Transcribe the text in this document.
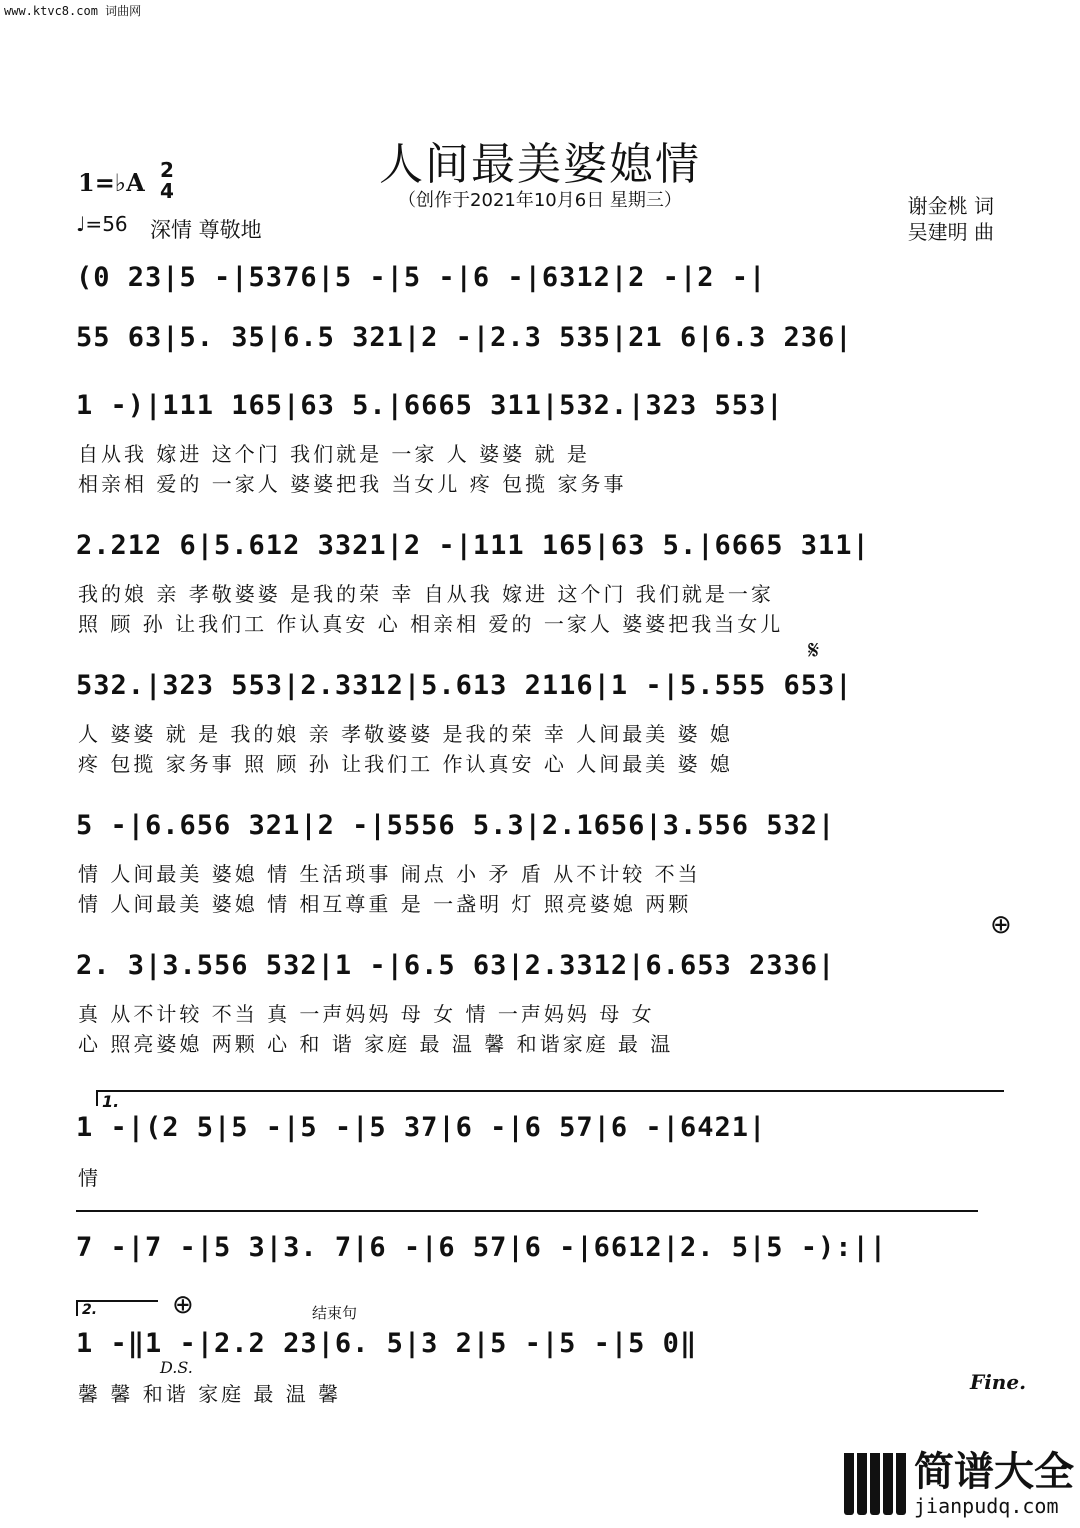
www.ktvc8.com 词曲网
人间最美婆媳情
（创作于2021年10月6日 星期三）
1=♭A 2
4
♩=56 深情 尊敬地
谢金桃 词
吴建明 曲
(0 23|5 -|5376|5 -|5 -|6 -|6312|2 -|2 -|
55 63|5. 35|6.5 321|2 -|2.3 535|21 6|6.3 236|
1 -)|111 165|63 5.|6665 311|532.|323 553|
自从我 嫁进 这个门 我们就是 一家 人 婆婆 就 是
相亲相 爱的 一家人 婆婆把我 当女儿 疼 包揽 家务事
2.212 6|5.612 3321|2 -|111 165|63 5.|6665 311|
我的娘 亲 孝敬婆婆 是我的荣 幸 自从我 嫁进 这个门 我们就是一家
照 顾 孙 让我们工 作认真安 心 相亲相 爱的 一家人 婆婆把我当女儿
𝄋
532.|323 553|2.3312|5.613 2116|1 -|5.555 653|
人 婆婆 就 是 我的娘 亲 孝敬婆婆 是我的荣 幸 人间最美 婆 媳
疼 包揽 家务事 照 顾 孙 让我们工 作认真安 心 人间最美 婆 媳
5 -|6.656 321|2 -|5556 5.3|2.1656|3.556 532|
情 人间最美 婆媳 情 生活琐事 闹点 小 矛 盾 从不计较 不当
情 人间最美 婆媳 情 相互尊重 是 一盏明 灯 照亮婆媳 两颗
⊕
2. 3|3.556 532|1 -|6.5 63|2.3312|6.653 2336|
真 从不计较 不当 真 一声妈妈 母 女 情 一声妈妈 母 女
心 照亮婆媳 两颗 心 和 谐 家庭 最 温 馨 和谐家庭 最 温
1.
1 -|(2 5|5 -|5 -|5 37|6 -|6 57|6 -|6421|
情
7 -|7 -|5 3|3. 7|6 -|6 57|6 -|6612|2. 5|5 -):||
2.	⊕	结束句
1 -‖1 -|2.2 23|6. 5|3 2|5 -|5 -|5 0‖
D.S.
馨 馨 和谐 家庭 最 温 馨	Fine.
简谱大全
jianpudq.com
